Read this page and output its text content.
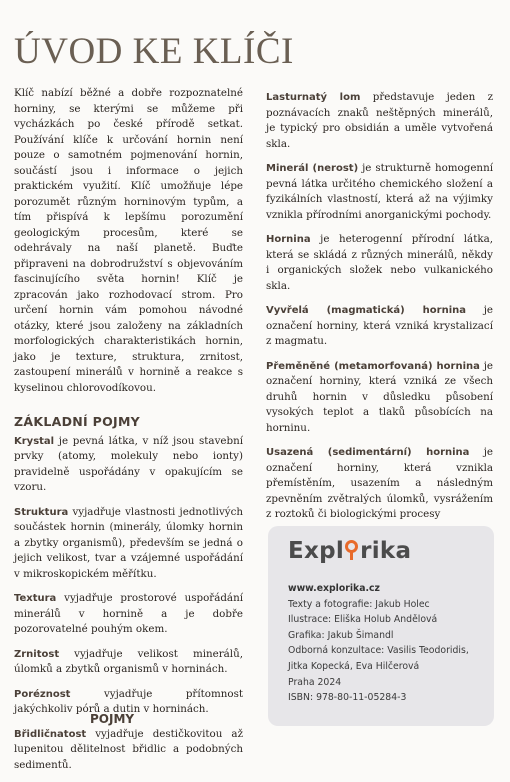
ÚVOD KE KLÍČI

Klíč nabízí běžné a dobře rozpoznatelné horniny, se kterými se můžeme při vycházkách po české přírodě setkat. Používání klíče k určování hornin není pouze o samotném pojmenování hornin, součástí jsou i informace o jejich praktickém využití. Klíč umožňuje lépe porozumět různým horninovým typům, a tím přispívá k lepšímu porozumění geologickým procesům, které se odehrávaly na naší planetě. Buďte připraveni na dobrodružství s objevováním fascinujícího světa hornin! Klíč je zpracován jako rozhodovací strom. Pro určení hornin vám pomohou návodné otázky, které jsou založeny na základních morfologických charakteristikách hornin, jako je texture, struktura, zrnitost, zastoupení minerálů v hornině a reakce s kyselinou chlorovodíkovou.

ZÁKLADNÍ POJMY

Krystal je pevná látka, v níž jsou stavební prvky (atomy, molekuly nebo ionty) pravidelně uspořádány v opakujícím se vzoru.

Struktura vyjadřuje vlastnosti jednotlivých součástek hornin (minerály, úlomky hornin a zbytky organismů), především se jedná o jejich velikost, tvar a vzájemné uspořádání v mikroskopickém měřítku.

Textura vyjadřuje prostorové uspořádání minerálů v hornině a je dobře pozorovatelné pouhým okem.

Zrnitost vyjadřuje velikost minerálů, úlomků a zbytků organismů v horninách.

Poréznost vyjadřuje přítomnost jakýchkoliv pórů a dutin v horninách.

Břidličnatost vyjadřuje destičkovitou až lupenitou dělitelnost břidlic a podobných sedimentů.

Lasturnatý lom představuje jeden z poznávacích znaků neštěpných minerálů, je typický pro obsidián a uměle vytvořená skla.

Minerál (nerost) je strukturně homogenní pevná látka určitého chemického složení a fyzikálních vlastností, která až na výjimky vznikla přírodními anorganickými pochody.

Hornina je heterogenní přírodní látka, která se skládá z různých minerálů, někdy i organických složek nebo vulkanického skla.

Vyvřelá (magmatická) hornina je označení horniny, která vzniká krystalizací z magmatu.

Přeměněné (metamorfovaná) hornina je označení horniny, která vzniká ze všech druhů hornin v důsledku působení vysokých teplot a tlaků působících na horninu.

Usazená (sedimentární) hornina je označení horniny, která vznikla přemístěním, usazením a následným zpevněním zvětralých úlomků, vysrážením z roztoků či biologickými procesy

Expl rika
www.explorika.cz
Texty a fotografie: Jakub Holec
Ilustrace: Eliška Holub Anděl​ová
Grafika: Jakub Šimandl
Odborná konzultace: Vasilis Teodoridis,
Jitka Kopecká, Eva Hilčerová
Praha 2024
ISBN: 978-80-11-05284-3
POJMY
